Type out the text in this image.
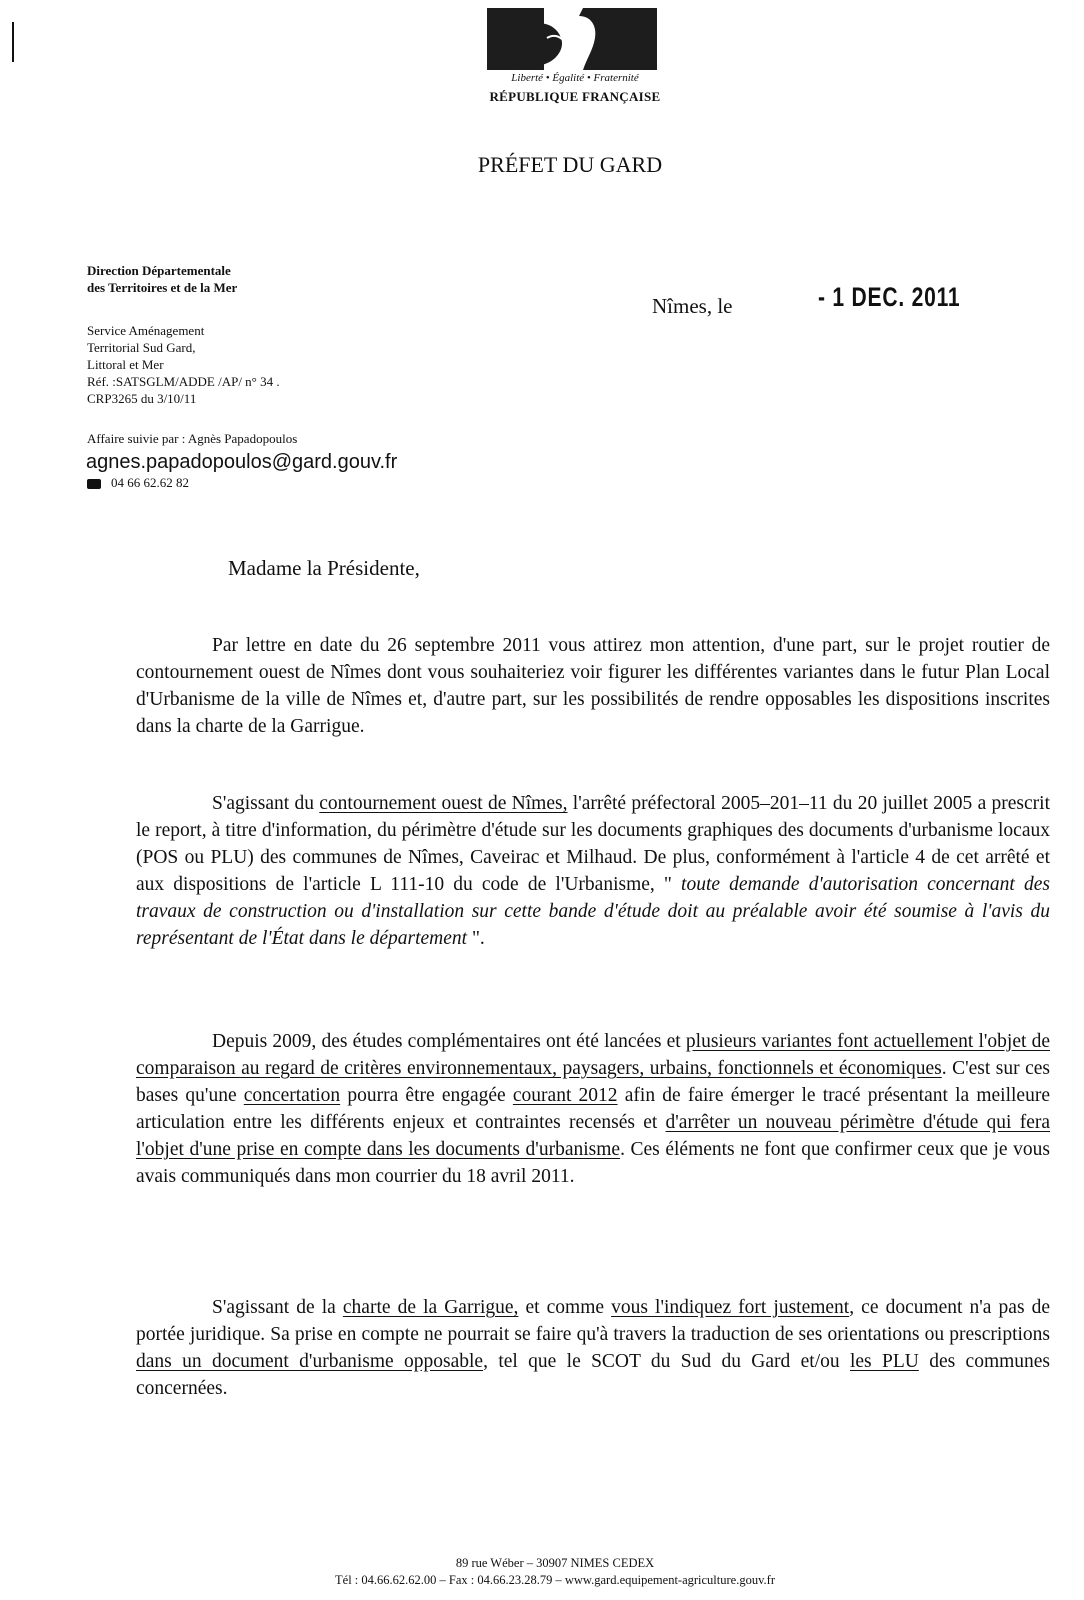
Liberté • Égalité • Fraternité
RÉPUBLIQUE FRANÇAISE
PRÉFET DU GARD
Direction Départementale
des Territoires et de la Mer
Service Aménagement
Territorial Sud Gard,
Littoral et Mer
Réf. :SATSGLM/ADDE /AP/ n° 34 .
CRP3265 du 3/10/11
Affaire suivie par : Agnès Papadopoulos
agnes.papadopoulos@gard.gouv.fr
04 66 62.62 82
Nîmes, le	- 1 DEC. 2011
Madame la Présidente,
Par lettre en date du 26 septembre 2011 vous attirez mon attention, d'une part, sur le projet routier de contournement ouest de Nîmes dont vous souhaiteriez voir figurer les différentes variantes dans le futur Plan Local d'Urbanisme de la ville de Nîmes et, d'autre part, sur les possibilités de rendre opposables les dispositions inscrites dans la charte de la Garrigue.
S'agissant du contournement ouest de Nîmes, l'arrêté préfectoral 2005–201–11 du 20 juillet 2005 a prescrit le report, à titre d'information, du périmètre d'étude sur les documents graphiques des documents d'urbanisme locaux (POS ou PLU) des communes de Nîmes, Caveirac et Milhaud. De plus, conformément à l'article 4 de cet arrêté et aux dispositions de l'article L 111-10 du code de l'Urbanisme, " toute demande d'autorisation concernant des travaux de construction ou d'installation sur cette bande d'étude doit au préalable avoir été soumise à l'avis du représentant de l'État dans le département ".
Depuis 2009, des études complémentaires ont été lancées et plusieurs variantes font actuellement l'objet de comparaison au regard de critères environnementaux, paysagers, urbains, fonctionnels et économiques. C'est sur ces bases qu'une concertation pourra être engagée courant 2012 afin de faire émerger le tracé présentant la meilleure articulation entre les différents enjeux et contraintes recensés et d'arrêter un nouveau périmètre d'étude qui fera l'objet d'une prise en compte dans les documents d'urbanisme. Ces éléments ne font que confirmer ceux que je vous avais communiqués dans mon courrier du 18 avril 2011.
S'agissant de la charte de la Garrigue, et comme vous l'indiquez fort justement, ce document n'a pas de portée juridique. Sa prise en compte ne pourrait se faire qu'à travers la traduction de ses orientations ou prescriptions dans un document d'urbanisme opposable, tel que le SCOT du Sud du Gard et/ou les PLU des communes concernées.
89 rue Wéber – 30907 NIMES CEDEX
Tél : 04.66.62.62.00 – Fax : 04.66.23.28.79 – www.gard.equipement-agriculture.gouv.fr
